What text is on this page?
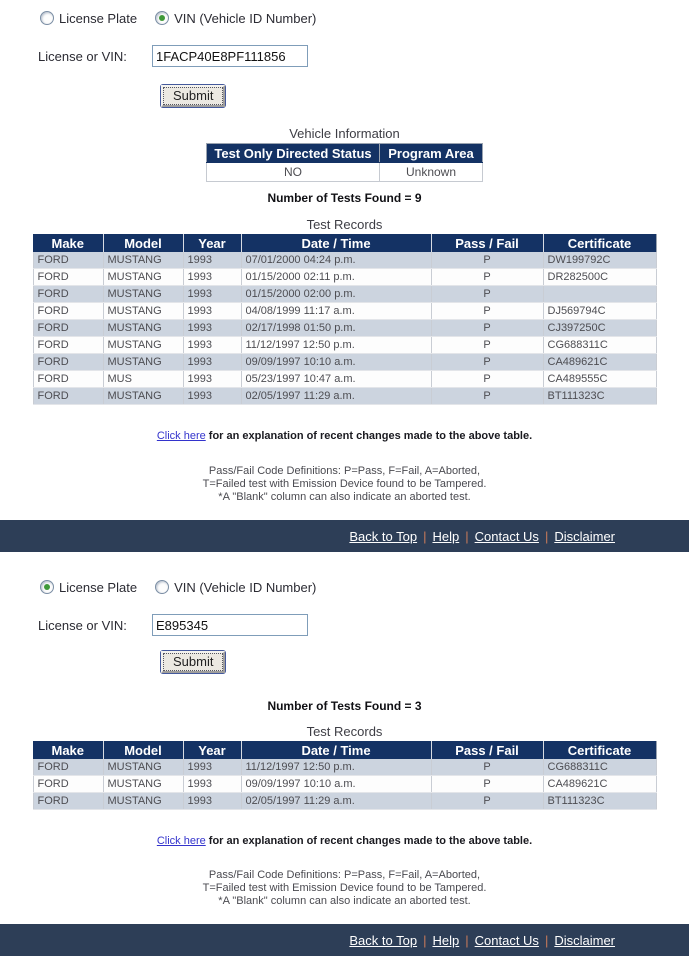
License Plate	VIN (Vehicle ID Number)
License or VIN:
1FACP40E8PF111856
Submit
Vehicle Information
Test Only Directed Status	Program Area
NO	Unknown
Number of Tests Found = 9
Test Records
Make	Model	Year	Date / Time	Pass / Fail	Certificate
FORD	MUSTANG	1993	07/01/2000 04:24 p.m.	P	DW199792C
FORD	MUSTANG	1993	01/15/2000 02:11 p.m.	P	DR282500C
FORD	MUSTANG	1993	01/15/2000 02:00 p.m.	P	
FORD	MUSTANG	1993	04/08/1999 11:17 a.m.	P	DJ569794C
FORD	MUSTANG	1993	02/17/1998 01:50 p.m.	P	CJ397250C
FORD	MUSTANG	1993	11/12/1997 12:50 p.m.	P	CG688311C
FORD	MUSTANG	1993	09/09/1997 10:10 a.m.	P	CA489621C
FORD	MUS	1993	05/23/1997 10:47 a.m.	P	CA489555C
FORD	MUSTANG	1993	02/05/1997 11:29 a.m.	P	BT111323C
Click here for an explanation of recent changes made to the above table.
Pass/Fail Code Definitions: P=Pass, F=Fail, A=Aborted,
T=Failed test with Emission Device found to be Tampered.
*A "Blank" column can also indicate an aborted test.
Back to Top | Help | Contact Us | Disclaimer
License Plate	VIN (Vehicle ID Number)
License or VIN:
E895345
Submit
Number of Tests Found = 3
Test Records
Make	Model	Year	Date / Time	Pass / Fail	Certificate
FORD	MUSTANG	1993	11/12/1997 12:50 p.m.	P	CG688311C
FORD	MUSTANG	1993	09/09/1997 10:10 a.m.	P	CA489621C
FORD	MUSTANG	1993	02/05/1997 11:29 a.m.	P	BT111323C
Click here for an explanation of recent changes made to the above table.
Pass/Fail Code Definitions: P=Pass, F=Fail, A=Aborted,
T=Failed test with Emission Device found to be Tampered.
*A "Blank" column can also indicate an aborted test.
Back to Top | Help | Contact Us | Disclaimer
